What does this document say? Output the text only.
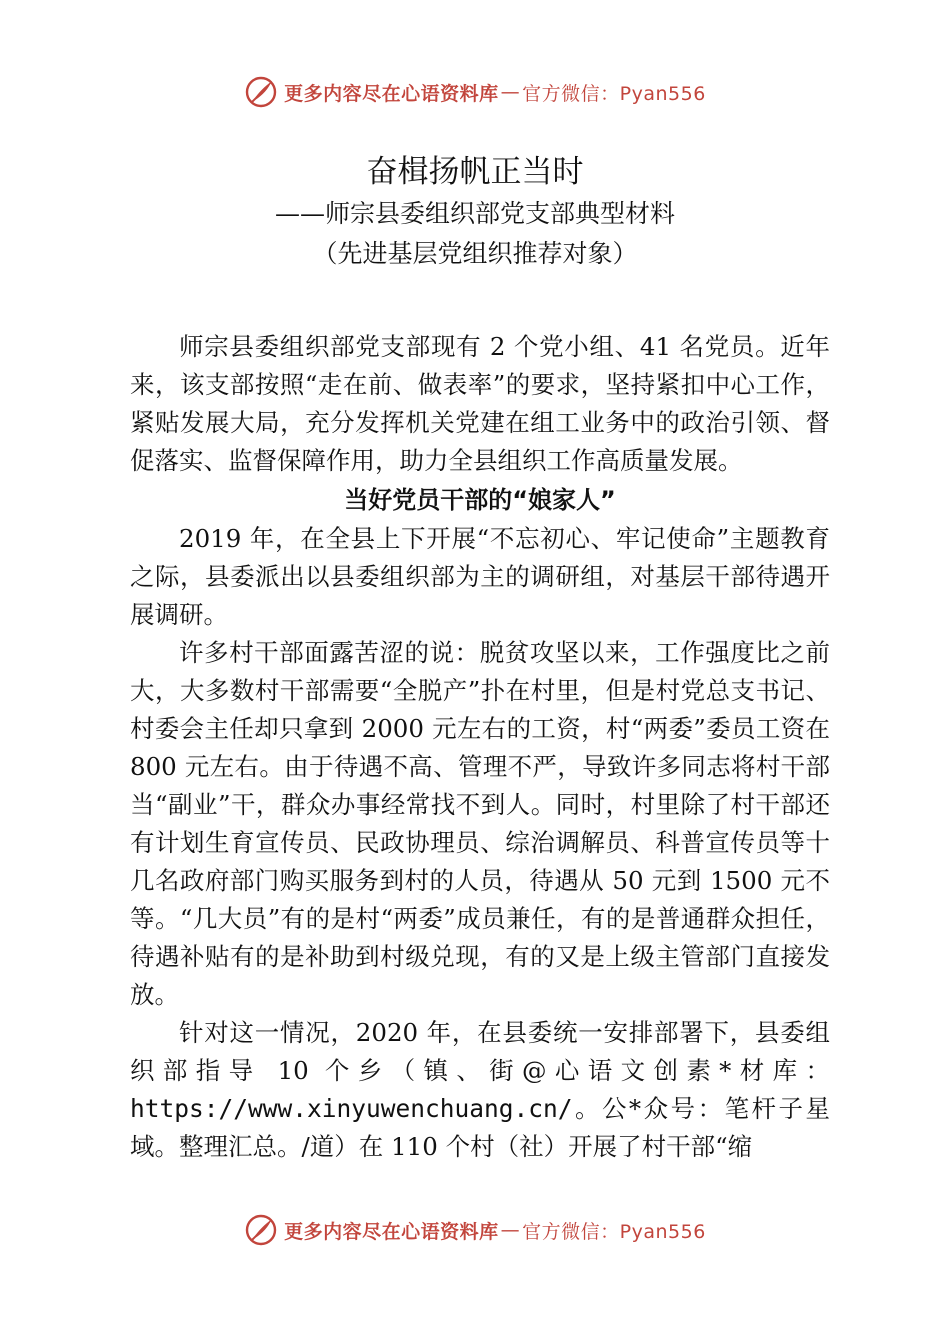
更多内容尽在心语资料库 — 官方微信：Pyan556
奋楫扬帆正当时
——师宗县委组织部党支部典型材料
（先进基层党组织推荐对象）

师宗县委组织部党支部现有 2 个党小组、41 名党员。近年来，该支部按照“走在前、做表率”的要求，坚持紧扣中心工作，紧贴发展大局，充分发挥机关党建在组工业务中的政治引领、督促落实、监督保障作用，助力全县组织工作高质量发展。

当好党员干部的“娘家人”

2019 年，在全县上下开展“不忘初心、牢记使命”主题教育之际，县委派出以县委组织部为主的调研组，对基层干部待遇开展调研。

许多村干部面露苦涩的说：脱贫攻坚以来，工作强度比之前大，大多数村干部需要“全脱产”扑在村里，但是村党总支书记、村委会主任却只拿到 2000 元左右的工资，村“两委”委员工资在 800 元左右。由于待遇不高、管理不严，导致许多同志将村干部当“副业”干，群众办事经常找不到人。同时，村里除了村干部还有计划生育宣传员、民政协理员、综治调解员、科普宣传员等十几名政府部门购买服务到村的人员，待遇从 50 元到 1500 元不等。“几大员”有的是村“两委”成员兼任，有的是普通群众担任，待遇补贴有的是补助到村级兑现，有的又是上级主管部门直接发放。

针对这一情况，2020 年，在县委统一安排部署下，县委组 织部指导 10 个乡（镇、街@心语文创素*材库：https://www.xinyuwenchuang.cn/。公*众号：笔杆子星域。整理汇总。/道）在 110 个村（社）开展了村干部“缩

更多内容尽在心语资料库 — 官方微信：Pyan556
